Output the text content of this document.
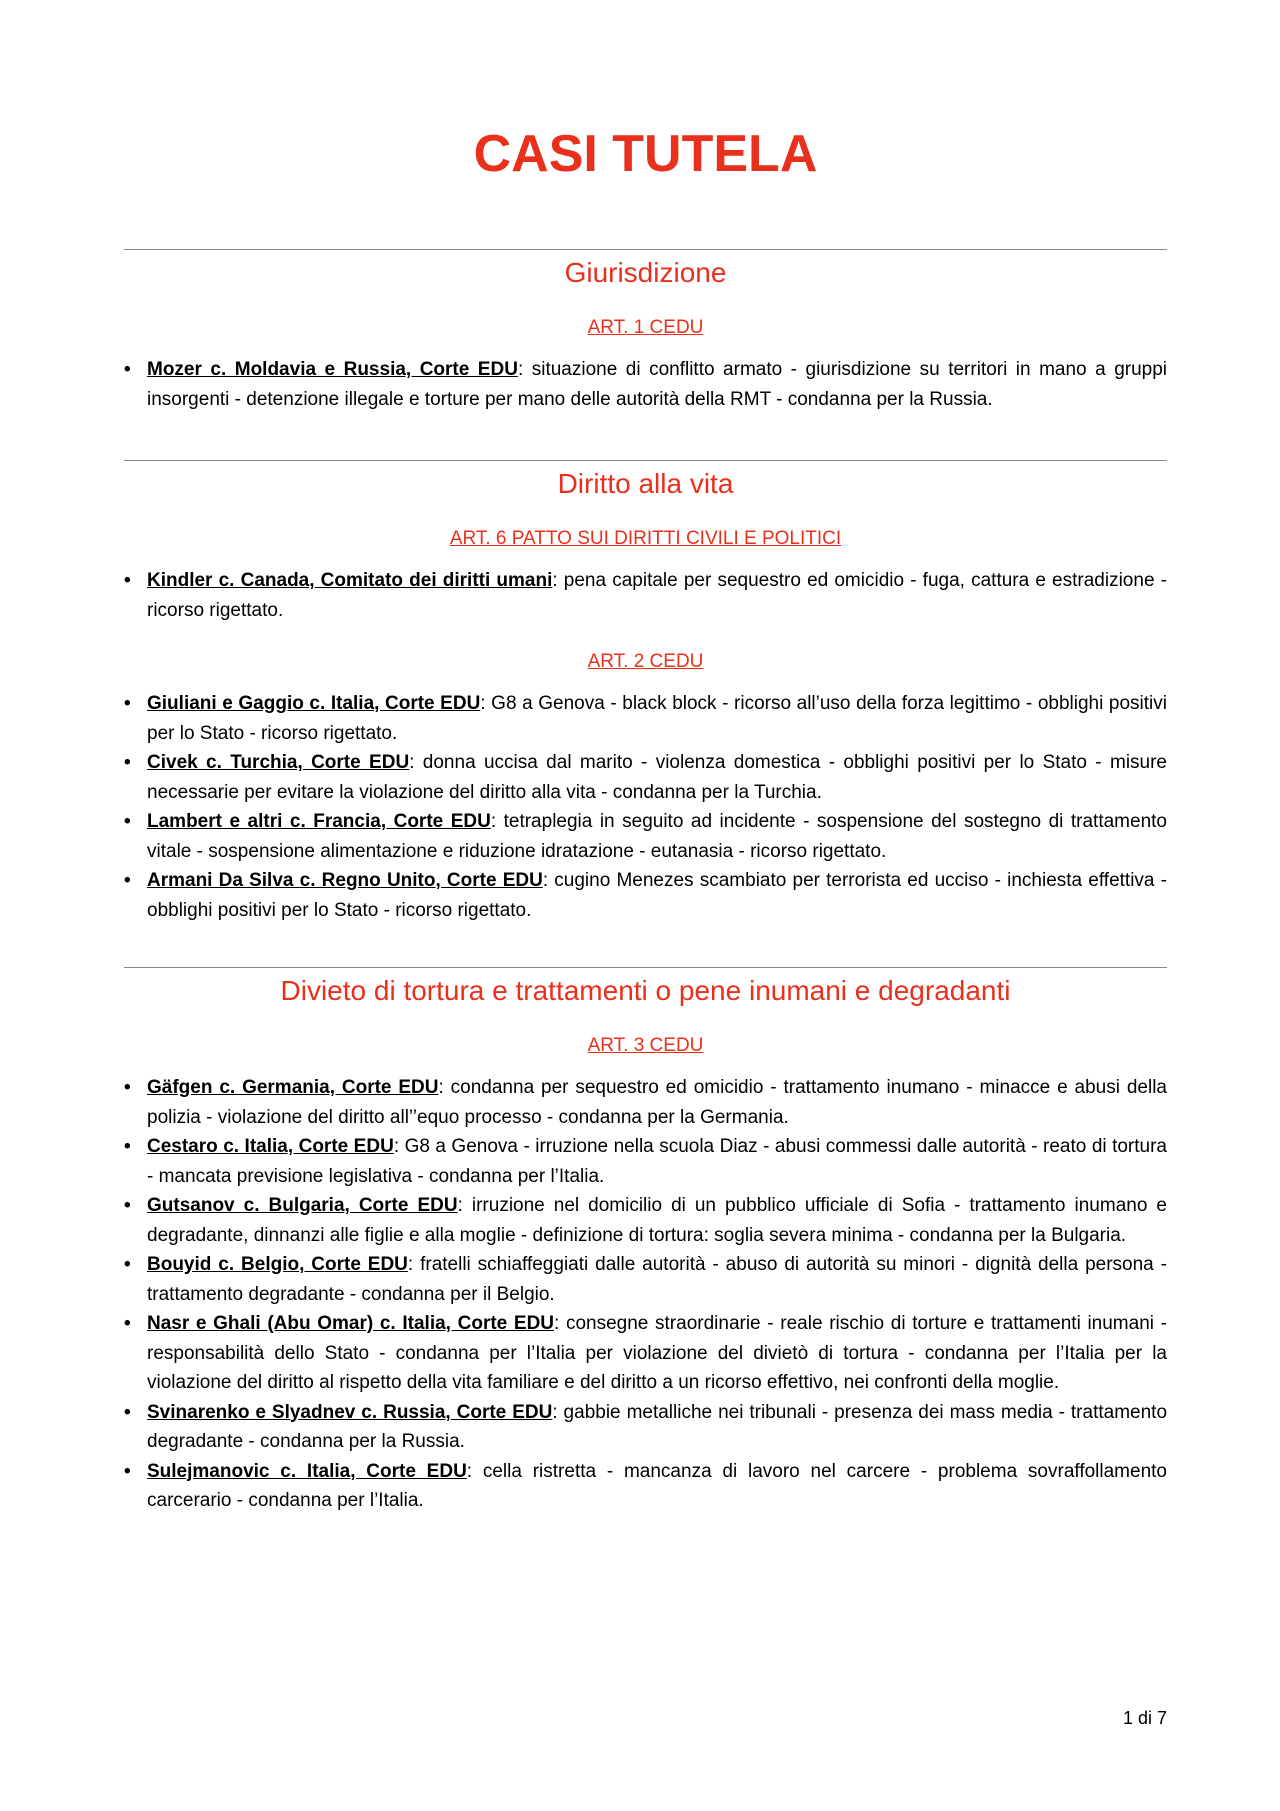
CASI TUTELA
Giurisdizione

ART. 1 CEDU

• Mozer c. Moldavia e Russia, Corte EDU: situazione di conflitto armato - giurisdizione su territori in mano a gruppi insorgenti - detenzione illegale e torture per mano delle autorità della RMT - condanna per la Russia.
Diritto alla vita

ART. 6 PATTO SUI DIRITTI CIVILI E POLITICI

• Kindler c. Canada, Comitato dei diritti umani: pena capitale per sequestro ed omicidio - fuga, cattura e estradizione - ricorso rigettato.

ART. 2 CEDU

• Giuliani e Gaggio c. Italia, Corte EDU: G8 a Genova - black block - ricorso all’uso della forza legittimo - obblighi positivi per lo Stato - ricorso rigettato.
• Civek c. Turchia, Corte EDU: donna uccisa dal marito - violenza domestica - obblighi positivi per lo Stato - misure necessarie per evitare la violazione del diritto alla vita - condanna per la Turchia.
• Lambert e altri c. Francia, Corte EDU: tetraplegia in seguito ad incidente - sospensione del sostegno di trattamento vitale - sospensione alimentazione e riduzione idratazione - eutanasia - ricorso rigettato.
• Armani Da Silva c. Regno Unito, Corte EDU: cugino Menezes scambiato per terrorista ed ucciso - inchiesta effettiva - obblighi positivi per lo Stato - ricorso rigettato.
Divieto di tortura e trattamenti o pene inumani e degradanti

ART. 3 CEDU

• Gäfgen c. Germania, Corte EDU: condanna per sequestro ed omicidio - trattamento inumano - minacce e abusi della polizia - violazione del diritto all’’equo processo - condanna per la Germania.
• Cestaro c. Italia, Corte EDU: G8 a Genova - irruzione nella scuola Diaz - abusi commessi dalle autorità - reato di tortura - mancata previsione legislativa - condanna per l’Italia.
• Gutsanov c. Bulgaria, Corte EDU: irruzione nel domicilio di un pubblico ufficiale di Sofia - trattamento inumano e degradante, dinnanzi alle figlie e alla moglie - definizione di tortura: soglia severa minima - condanna per la Bulgaria.
• Bouyid c. Belgio, Corte EDU: fratelli schiaffeggiati dalle autorità - abuso di autorità su minori - dignità della persona - trattamento degradante - condanna per il Belgio.
• Nasr e Ghali (Abu Omar) c. Italia, Corte EDU: consegne straordinarie - reale rischio di torture e trattamenti inumani - responsabilità dello Stato - condanna per l’Italia per violazione del divietò di tortura - condanna per l’Italia per la violazione del diritto al rispetto della vita familiare e del diritto a un ricorso effettivo, nei confronti della moglie.
• Svinarenko e Slyadnev c. Russia, Corte EDU: gabbie metalliche nei tribunali - presenza dei mass media - trattamento degradante - condanna per la Russia.
• Sulejmanovic c. Italia, Corte EDU: cella ristretta - mancanza di lavoro nel carcere - problema sovraffollamento carcerario - condanna per l’Italia.
1 di 7
